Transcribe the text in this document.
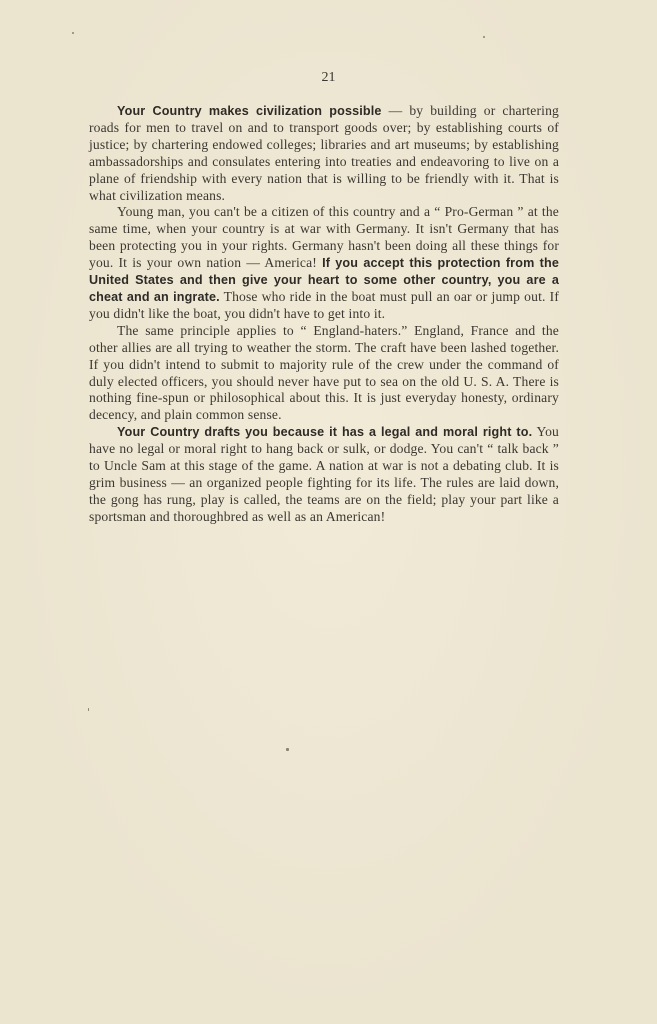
21

Your Country makes civilization possible — by building or chartering roads for men to travel on and to transport goods over; by establishing courts of justice; by chartering endowed colleges; libraries and art museums; by establishing ambassadorships and consulates entering into treaties and endeavoring to live on a plane of friendship with every nation that is willing to be friendly with it. That is what civilization means.

Young man, you can't be a citizen of this country and a “ Pro-German ” at the same time, when your country is at war with Germany. It isn't Germany that has been protecting you in your rights. Germany hasn't been doing all these things for you. It is your own nation — America! If you accept this protection from the United States and then give your heart to some other country, you are a cheat and an ingrate. Those who ride in the boat must pull an oar or jump out. If you didn't like the boat, you didn't have to get into it.

The same principle applies to “ England-haters.” England, France and the other allies are all trying to weather the storm. The craft have been lashed together. If you didn't intend to submit to majority rule of the crew under the command of duly elected officers, you should never have put to sea on the old U. S. A. There is nothing fine-spun or philosophical about this. It is just everyday honesty, ordinary decency, and plain common sense.

Your Country drafts you because it has a legal and moral right to. You have no legal or moral right to hang back or sulk, or dodge. You can't “ talk back ” to Uncle Sam at this stage of the game. A nation at war is not a debating club. It is grim business — an organized people fighting for its life. The rules are laid down, the gong has rung, play is called, the teams are on the field; play your part like a sportsman and thoroughbred as well as an American!
